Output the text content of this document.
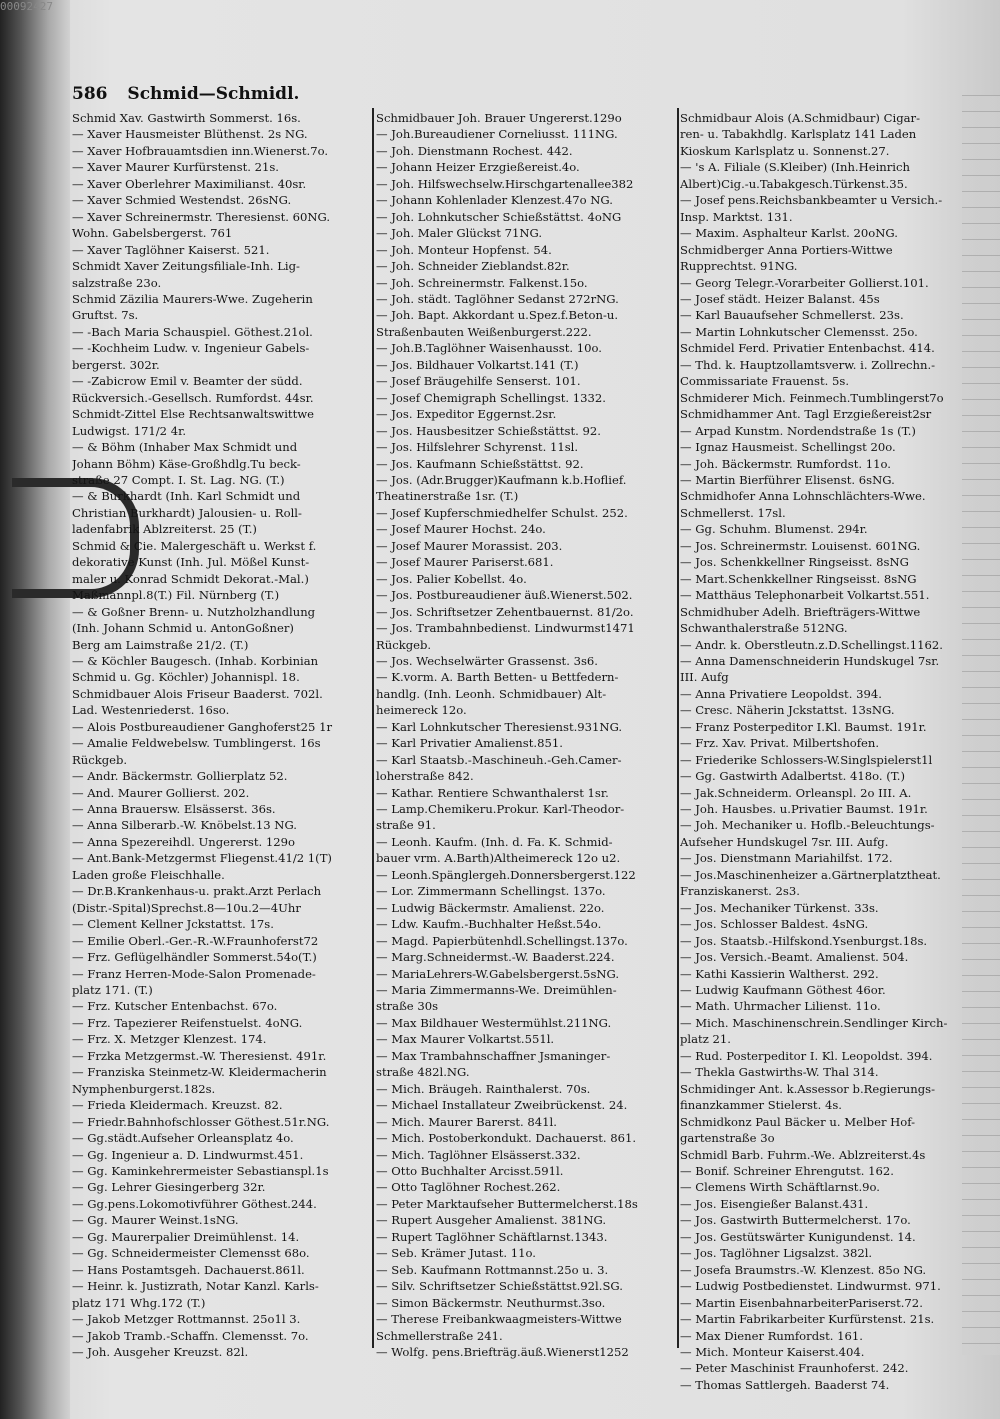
00092427
586 Schmid—Schmidl.
Schmid Xav. Gastwirth Sommerst. 16s.
— Xaver Hausmeister Blüthenst. 2s NG.
— Xaver Hofbrauamtsdien inn.Wienerst.7o.
— Xaver Maurer Kurfürstenst. 21s.
— Xaver Oberlehrer Maximilianst. 40sr.
— Xaver Schmied Westendst. 26sNG.
— Xaver Schreinermstr. Theresienst. 60NG.
Wohn. Gabelsbergerst. 761
— Xaver Taglöhner Kaiserst. 521.
Schmidt Xaver Zeitungsfiliale-Inh. Lig-
salzstraße 23o.
Schmid Zäzilia Maurers-Wwe. Zugeherin
Gruftst. 7s.
— -Bach Maria Schauspiel. Göthest.21ol.
— -Kochheim Ludw. v. Ingenieur Gabels-
bergerst. 302r.
— -Zabicrow Emil v. Beamter der südd.
Rückversich.-Gesellsch. Rumfordst. 44sr.
Schmidt-Zittel Else Rechtsanwaltswittwe
Ludwigst. 171/2 4r.
— & Böhm (Inhaber Max Schmidt und
Johann Böhm) Käse-Großhdlg.Tu beck-
straße 27 Compt. I. St. Lag. NG. (T.)
— & Burkhardt (Inh. Karl Schmidt und
Christian Burkhardt) Jalousien- u. Roll-
ladenfabrik Ablzreiterst. 25 (T.)
Schmid & Cie. Malergeschäft u. Werkst f.
dekorative Kunst (Inh. Jul. Mößel Kunst-
maler u. Konrad Schmidt Dekorat.-Mal.)
Maßmannpl.8(T.) Fil. Nürnberg (T.)
— & Goßner Brenn- u. Nutzholzhandlung
(Inh. Johann Schmid u. AntonGoßner)
Berg am Laimstraße 21/2. (T.)
— & Köchler Baugesch. (Inhab. Korbinian
Schmid u. Gg. Köchler) Johannispl. 18.
Schmidbauer Alois Friseur Baaderst. 702l.
Lad. Westenriederst. 16so.
— Alois Postbureaudiener Ganghoferst25 1r
— Amalie Feldwebelsw. Tumblingerst. 16s
Rückgeb.
— Andr. Bäckermstr. Gollierplatz 52.
— And. Maurer Gollierst. 202.
— Anna Brauersw. Elsässerst. 36s.
— Anna Silberarb.-W. Knöbelst.13 NG.
— Anna Spezereihdl. Ungererst. 129o
— Ant.Bank-Metzgermst Fliegenst.41/2 1(T)
Laden große Fleischhalle.
— Dr.B.Krankenhaus-u. prakt.Arzt Perlach
(Distr.-Spital)Sprechst.8—10u.2—4Uhr
— Clement Kellner Jckstattst. 17s.
— Emilie Oberl.-Ger.-R.-W.Fraunhoferst72
— Frz. Geflügelhändler Sommerst.54o(T.)
— Franz Herren-Mode-Salon Promenade-
platz 171. (T.)
— Frz. Kutscher Entenbachst. 67o.
— Frz. Tapezierer Reifenstuelst. 4oNG.
— Frz. X. Metzger Klenzest. 174.
— Frzka Metzgermst.-W. Theresienst. 491r.
— Franziska Steinmetz-W. Kleidermacherin
Nymphenburgerst.182s.
— Frieda Kleidermach. Kreuzst. 82.
— Friedr.Bahnhofschlosser Göthest.51r.NG.
— Gg.städt.Aufseher Orleansplatz 4o.
— Gg. Ingenieur a. D. Lindwurmst.451.
— Gg. Kaminkehrermeister Sebastianspl.1s
— Gg. Lehrer Giesingerberg 32r.
— Gg.pens.Lokomotivführer Göthest.244.
— Gg. Maurer Weinst.1sNG.
— Gg. Maurerpalier Dreimühlenst. 14.
— Gg. Schneidermeister Clemensst 68o.
— Hans Postamtsgeh. Dachauerst.861l.
— Heinr. k. Justizrath, Notar Kanzl. Karls-
platz 171 Whg.172 (T.)
— Jakob Metzger Rottmannst. 25o1l 3.
— Jakob Tramb.-Schaffn. Clemensst. 7o.
— Joh. Ausgeher Kreuzst. 82l.
Schmidbauer Joh. Brauer Ungererst.129o
— Joh.Bureaudiener Corneliusst. 111NG.
— Joh. Dienstmann Rochest. 442.
— Johann Heizer Erzgießereist.4o.
— Joh. Hilfswechselw.Hirschgartenallee382
— Johann Kohlenlader Klenzest.47o NG.
— Joh. Lohnkutscher Schießstättst. 4oNG
— Joh. Maler Glückst 71NG.
— Joh. Monteur Hopfenst. 54.
— Joh. Schneider Zieblandst.82r.
— Joh. Schreinermstr. Falkenst.15o.
— Joh. städt. Taglöhner Sedanst 272rNG.
— Joh. Bapt. Akkordant u.Spez.f.Beton-u.
Straßenbauten Weißenburgerst.222.
— Joh.B.Taglöhner Waisenhausst. 10o.
— Jos. Bildhauer Volkartst.141 (T.)
— Josef Bräugehilfe Senserst. 101.
— Josef Chemigraph Schellingst. 1332.
— Jos. Expeditor Eggernst.2sr.
— Jos. Hausbesitzer Schießstättst. 92.
— Jos. Hilfslehrer Schyrenst. 11sl.
— Jos. Kaufmann Schießstättst. 92.
— Jos. (Adr.Brugger)Kaufmann k.b.Hoflief.
Theatinerstraße 1sr. (T.)
— Josef Kupferschmiedhelfer Schulst. 252.
— Josef Maurer Hochst. 24o.
— Josef Maurer Morassist. 203.
— Josef Maurer Pariserst.681.
— Jos. Palier Kobellst. 4o.
— Jos. Postbureaudiener äuß.Wienerst.502.
— Jos. Schriftsetzer Zehentbauernst. 81/2o.
— Jos. Trambahnbedienst. Lindwurmst1471
Rückgeb.
— Jos. Wechselwärter Grassenst. 3s6.
— K.vorm. A. Barth Betten- u Bettfedern-
handlg. (Inh. Leonh. Schmidbauer) Alt-
heimereck 12o.
— Karl Lohnkutscher Theresienst.931NG.
— Karl Privatier Amalienst.851.
— Karl Staatsb.-Maschineuh.-Geh.Camer-
loherstraße 842.
— Kathar. Rentiere Schwanthalerst 1sr.
— Lamp.Chemikeru.Prokur. Karl-Theodor-
straße 91.
— Leonh. Kaufm. (Inh. d. Fa. K. Schmid-
bauer vrm. A.Barth)Altheimereck 12o u2.
— Leonh.Spänglergeh.Donnersbergerst.122
— Lor. Zimmermann Schellingst. 137o.
— Ludwig Bäckermstr. Amalienst. 22o.
— Ldw. Kaufm.-Buchhalter Heßst.54o.
— Magd. Papierbütenhdl.Schellingst.137o.
— Marg.Schneidermst.-W. Baaderst.224.
— MariaLehrers-W.Gabelsbergerst.5sNG.
— Maria Zimmermanns-We. Dreimühlen-
straße 30s
— Max Bildhauer Westermühlst.211NG.
— Max Maurer Volkartst.551l.
— Max Trambahnschaffner Jsmaninger-
straße 482l.NG.
— Mich. Bräugeh. Rainthalerst. 70s.
— Michael Installateur Zweibrückenst. 24.
— Mich. Maurer Barerst. 841l.
— Mich. Postoberkondukt. Dachauerst. 861.
— Mich. Taglöhner Elsässerst.332.
— Otto Buchhalter Arcisst.591l.
— Otto Taglöhner Rochest.262.
— Peter Marktaufseher Buttermelcherst.18s
— Rupert Ausgeher Amalienst. 381NG.
— Rupert Taglöhner Schäftlarnst.1343.
— Seb. Krämer Jutast. 11o.
— Seb. Kaufmann Rottmannst.25o u. 3.
— Silv. Schriftsetzer Schießstättst.92l.SG.
— Simon Bäckermstr. Neuthurmst.3so.
— Therese Freibankwaagmeisters-Wittwe
Schmellerstraße 241.
— Wolfg. pens.Briefträg.äuß.Wienerst1252
Schmidbaur Alois (A.Schmidbaur) Cigar-
ren- u. Tabakhdlg. Karlsplatz 141 Laden
Kioskum Karlsplatz u. Sonnenst.27.
— 's A. Filiale (S.Kleiber) (Inh.Heinrich
Albert)Cig.-u.Tabakgesch.Türkenst.35.
— Josef pens.Reichsbankbeamter u Versich.-
Insp. Marktst. 131.
— Maxim. Asphalteur Karlst. 20oNG.
Schmidberger Anna Portiers-Wittwe
Rupprechtst. 91NG.
— Georg Telegr.-Vorarbeiter Gollierst.101.
— Josef städt. Heizer Balanst. 45s
— Karl Bauaufseher Schmellerst. 23s.
— Martin Lohnkutscher Clemensst. 25o.
Schmidel Ferd. Privatier Entenbachst. 414.
— Thd. k. Hauptzollamtsverw. i. Zollrechn.-
Commissariate Frauenst. 5s.
Schmiderer Mich. Feinmech.Tumblingerst7o
Schmidhammer Ant. Tagl Erzgießereist2sr
— Arpad Kunstm. Nordendstraße 1s (T.)
— Ignaz Hausmeist. Schellingst 20o.
— Joh. Bäckermstr. Rumfordst. 11o.
— Martin Bierführer Elisenst. 6sNG.
Schmidhofer Anna Lohnschlächters-Wwe.
Schmellerst. 17sl.
— Gg. Schuhm. Blumenst. 294r.
— Jos. Schreinermstr. Louisenst. 601NG.
— Jos. Schenkkellner Ringseisst. 8sNG
— Mart.Schenkkellner Ringseisst. 8sNG
— Matthäus Telephonarbeit Volkartst.551.
Schmidhuber Adelh. Briefträgers-Wittwe
Schwanthalerstraße 512NG.
— Andr. k. Oberstleutn.z.D.Schellingst.1162.
— Anna Damenschneiderin Hundskugel 7sr.
III. Aufg
— Anna Privatiere Leopoldst. 394.
— Cresc. Näherin Jckstattst. 13sNG.
— Franz Posterpeditor I.Kl. Baumst. 191r.
— Frz. Xav. Privat. Milbertshofen.
— Friederike Schlossers-W.Singlspielerst1l
— Gg. Gastwirth Adalbertst. 418o. (T.)
— Jak.Schneiderm. Orleanspl. 2o III. A.
— Joh. Hausbes. u.Privatier Baumst. 191r.
— Joh. Mechaniker u. Hoflb.-Beleuchtungs-
Aufseher Hundskugel 7sr. III. Aufg.
— Jos. Dienstmann Mariahilfst. 172.
— Jos.Maschinenheizer a.Gärtnerplatztheat.
Franziskanerst. 2s3.
— Jos. Mechaniker Türkenst. 33s.
— Jos. Schlosser Baldest. 4sNG.
— Jos. Staatsb.-Hilfskond.Ysenburgst.18s.
— Jos. Versich.-Beamt. Amalienst. 504.
— Kathi Kassierin Waltherst. 292.
— Ludwig Kaufmann Göthest 46or.
— Math. Uhrmacher Lilienst. 11o.
— Mich. Maschinenschrein.Sendlinger Kirch-
platz 21.
— Rud. Posterpeditor I. Kl. Leopoldst. 394.
— Thekla Gastwirths-W. Thal 314.
Schmidinger Ant. k.Assessor b.Regierungs-
finanzkammer Stielerst. 4s.
Schmidkonz Paul Bäcker u. Melber Hof-
gartenstraße 3o
Schmidl Barb. Fuhrm.-We. Ablzreiterst.4s
— Bonif. Schreiner Ehrengutst. 162.
— Clemens Wirth Schäftlarnst.9o.
— Jos. Eisengießer Balanst.431.
— Jos. Gastwirth Buttermelcherst. 17o.
— Jos. Gestütswärter Kunigundenst. 14.
— Jos. Taglöhner Ligsalzst. 382l.
— Josefa Braumstrs.-W. Klenzest. 85o NG.
— Ludwig Postbedienstet. Lindwurmst. 971.
— Martin EisenbahnarbeiterPariserst.72.
— Martin Fabrikarbeiter Kurfürstenst. 21s.
— Max Diener Rumfordst. 161.
— Mich. Monteur Kaiserst.404.
— Peter Maschinist Fraunhoferst. 242.
— Thomas Sattlergeh. Baaderst 74.
